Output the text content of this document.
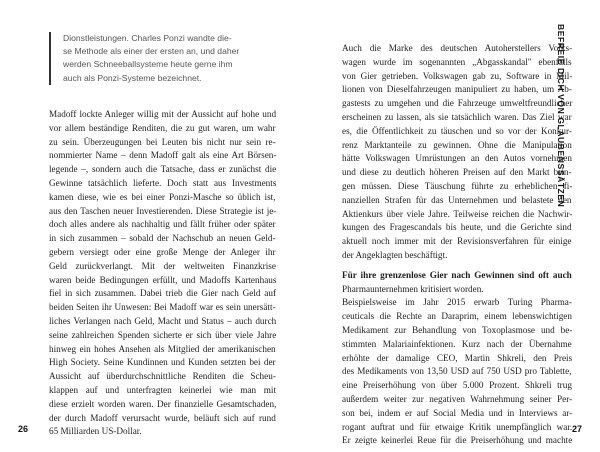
Dionstleistungen. Charles Ponzi wandte die-
se Methode als einer der ersten an, und daher
werden Schneeballsysteme heute gerne ihm
auch als Ponzi-Systeme bezeichnet.
Madoff lockte Anleger willig mit der Aussicht auf hohe und
vor allem beständige Renditen, die zu gut waren, um wahr
zu sein. Überzeugungen bei Leuten bis nicht nur sein re-
nommierter Name – denn Madoff galt als eine Art Börsen-
legende –, sondern auch die Tatsache, dass er zunächst die
Gewinne tatsächlich lieferte. Doch statt aus Investments
kamen diese, wie es bei einer Ponzi-Masche so üblich ist,
aus den Taschen neuer Investierenden. Diese Strategie ist je-
doch alles andere als nachhaltig und fällt früher oder später
in sich zusammen – sobald der Nachschub an neuen Geld-
gebern versiegt oder eine große Menge der Anleger ihr
Geld zurückverlangt. Mit der weltweiten Finanzkrise
waren beide Bedingungen erfüllt, und Madoffs Kartenhaus
fiel in sich zusammen. Dabei trieb die Gier nach Geld auf
beiden Seiten ihr Unwesen: Bei Madoff war es sein unersätt-
liches Verlangen nach Geld, Macht und Status – auch durch
seine zahlreichen Spenden sicherte er sich über viele Jahre
hinweg ein hohes Ansehen als Mitglied der amerikanischen
High Society. Seine Kundinnen und Kunden setzten bei der
Aussicht auf überdurchschnittliche Renditen die Scheu-
klappen auf und unterfragten keinerlei wie man mit
diese erzielt worden waren. Der finanzielle Gesamtschaden,
der durch Madoff verursacht wurde, beläuft sich auf rund
65 Milliarden US-Dollar.
26
Auch die Marke des deutschen Autoherstellers Volks-
wagen wurde im sogenannten „Abgasskandal" ebenfalls
von Gier getrieben. Volkswagen gab zu, Software in Mil-
lionen von Dieselfahrzeugen manipuliert zu haben, um Ab-
gastests zu umgehen und die Fahrzeuge umweltfreundlicher
erscheinen zu lassen, als sie tatsächlich waren. Das Ziel war
es, die Öffentlichkeit zu täuschen und so vor der Konkur-
renz Marktanteile zu gewinnen. Ohne die Manipulation
hätte Volkswagen Umrüstungen an den Autos vornehmen
und diese zu deutlich höheren Preisen auf den Markt brin-
gen müssen. Diese Täuschung führte zu erheblichen fi-
nanziellen Strafen für das Unternehmen und belastete den
Aktienkurs über viele Jahre. Teilweise reichen die Nachwir-
kungen des Fragescandals bis heute, und die Gerichte sind
aktuell noch immer mit der Revisionsverfahren für einige
der Angeklagten beschäftigt.
Für ihre grenzenlose Gier nach Gewinnen sind oft auch
Pharmaunternehmen kritisiert worden.
Beispielsweise im Jahr 2015 erwarb Turing Pharma-
ceuticals die Rechte an Daraprim, einem lebenswichtigen
Medikament zur Behandlung von Toxoplasmose und be-
stimmten Malariainfektionen. Kurz nach der Übernahme
erhöhte der damalige CEO, Martin Shkreli, den Preis
des Medikaments von 13,50 USD auf 750 USD pro Tablette,
eine Preiserhöhung von über 5.000 Prozent. Shkreli trug
außerdem weiter zur negativen Wahrnehmung seiner Per-
son bei, indem er auf Social Media und in Interviews ar-
rogant auftrat und für etwaige Kritik unempfänglich war.
Er zeigte keinerlei Reue für die Preiserhöhung und machte
27
BEFREIE DICH VON GLAUBENSSÄTZEN
